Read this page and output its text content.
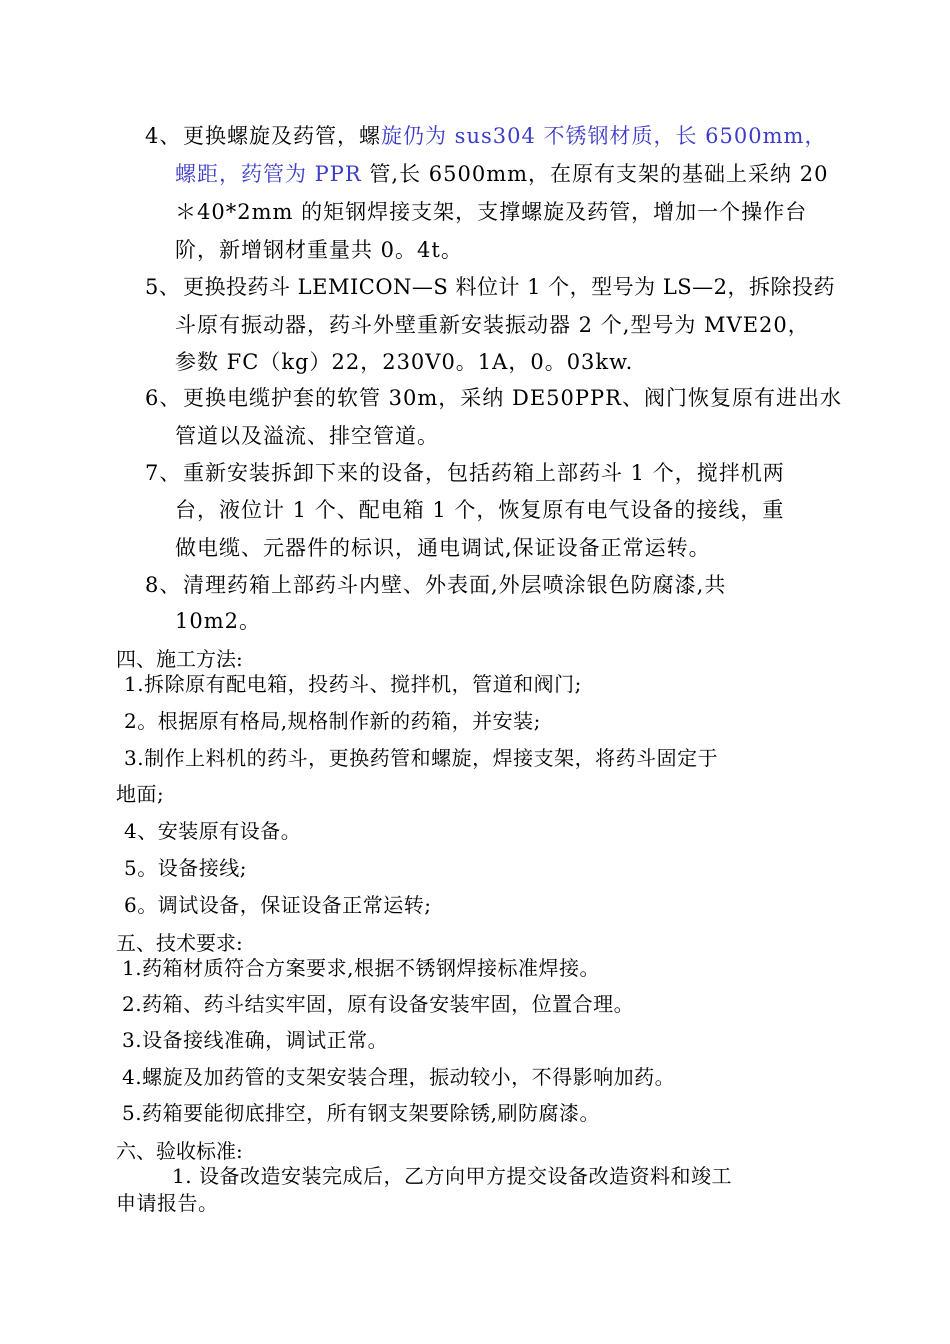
4、更换螺旋及药管，螺旋仍为 sus304 不锈钢材质，长 6500mm，
螺距，药管为 PPR 管,长 6500mm，在原有支架的基础上采纳 20
＊40*2mm 的矩钢焊接支架，支撑螺旋及药管，增加一个操作台
阶，新增钢材重量共 0。4t。
5、 更换投药斗 LEMICON—S 料位计 1 个，型号为 LS—2，拆除投药
斗原有振动器，药斗外壁重新安装振动器 2 个,型号为 MVE20，
参数 FC（kg）22，230V0。1A，0。03kw.
6、更换电缆护套的软管 30m，采纳 DE50PPR、阀门恢复原有进出水
管道以及溢流、排空管道。
7、重新安装拆卸下来的设备，包括药箱上部药斗 1 个，搅拌机两
台，液位计 1 个、配电箱 1 个，恢复原有电气设备的接线，重
做电缆、元器件的标识，通电调试,保证设备正常运转。
8、清理药箱上部药斗内壁、外表面,外层喷涂银色防腐漆,共
10m2。
四、施工方法:
1.拆除原有配电箱，投药斗、搅拌机，管道和阀门;
2。根据原有格局,规格制作新的药箱，并安装;
3.制作上料机的药斗，更换药管和螺旋，焊接支架，将药斗固定于
地面;
4、安装原有设备。
5。设备接线;
6。调试设备，保证设备正常运转;
五、技术要求:
1.药箱材质符合方案要求,根据不锈钢焊接标准焊接。
2.药箱、药斗结实牢固，原有设备安装牢固，位置合理。
3.设备接线准确，调试正常。
4.螺旋及加药管的支架安装合理，振动较小，不得影响加药。
5.药箱要能彻底排空，所有钢支架要除锈,刷防腐漆。
六、验收标准:
1. 设备改造安装完成后，乙方向甲方提交设备改造资料和竣工
申请报告。
